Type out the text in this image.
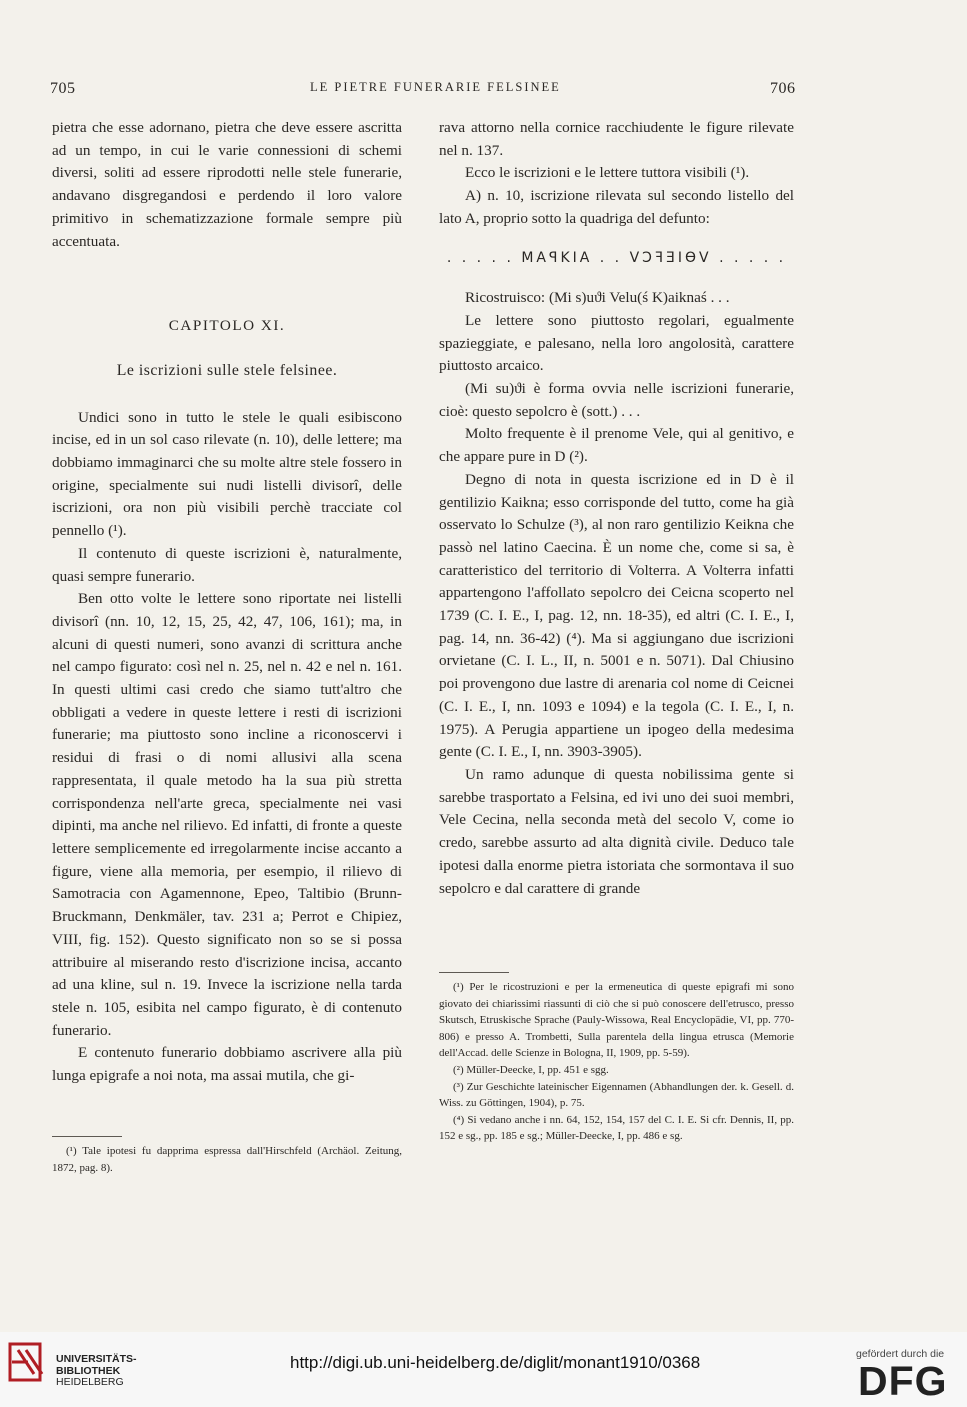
705	LE PIETRE FUNERARIE FELSINEE	706

pietra che esse adornano, pietra che deve essere ascritta ad un tempo, in cui le varie connessioni di schemi diversi, soliti ad essere riprodotti nelle stele funerarie, andavano disgregandosi e perdendo il loro valore primitivo in schematizzazione formale sempre più accentuata.

CAPITOLO XI.

Le iscrizioni sulle stele felsinee.

Undici sono in tutto le stele le quali esibiscono incise, ed in un sol caso rilevate (n. 10), delle lettere; ma dobbiamo immaginarci che su molte altre stele fossero in origine, specialmente sui nudi listelli divisorî, delle iscrizioni, ora non più visibili perchè tracciate col pennello (¹).

Il contenuto di queste iscrizioni è, naturalmente, quasi sempre funerario.

Ben otto volte le lettere sono riportate nei listelli divisorî (nn. 10, 12, 15, 25, 42, 47, 106, 161); ma, in alcuni di questi numeri, sono avanzi di scrittura anche nel campo figurato: così nel n. 25, nel n. 42 e nel n. 161. In questi ultimi casi credo che siamo tutt'altro che obbligati a vedere in queste lettere i resti di iscrizioni funerarie; ma piuttosto sono incline a riconoscervi i residui di frasi o di nomi allusivi alla scena rappresentata, il quale metodo ha la sua più stretta corrispondenza nell'arte greca, specialmente nei vasi dipinti, ma anche nel rilievo. Ed infatti, di fronte a queste lettere semplicemente ed irregolarmente incise accanto a figure, viene alla memoria, per esempio, il rilievo di Samotracia con Agamennone, Epeo, Taltibio (Brunn-Bruckmann, Denkmäler, tav. 231 a; Perrot e Chipiez, VIII, fig. 152). Questo significato non so se si possa attribuire al miserando resto d'iscrizione incisa, accanto ad una kline, sul n. 19. Invece la iscrizione nella tarda stele n. 105, esibita nel campo figurato, è di contenuto funerario.

E contenuto funerario dobbiamo ascrivere alla più lunga epigrafe a noi nota, ma assai mutila, che gi-

(¹) Tale ipotesi fu dapprima espressa dall'Hirschfeld (Archäol. Zeitung, 1872, pag. 8).

rava attorno nella cornice racchiudente le figure rilevate nel n. 137.

Ecco le iscrizioni e le lettere tuttora visibili (¹).

A) n. 10, iscrizione rilevata sul secondo listello del lato A, proprio sotto la quadriga del defunto:

. . . . . MAꟼKIA . . VↃꟻƎIϴV . . . . .

Ricostruisco: (Mi s)uϑi Velu(ś K)aiknaś . . .

Le lettere sono piuttosto regolari, egualmente spazieggiate, e palesano, nella loro angolosità, carattere piuttosto arcaico.

(Mi su)ϑi è forma ovvia nelle iscrizioni funerarie, cioè: questo sepolcro è (sott.) . . .

Molto frequente è il prenome Vele, qui al genitivo, e che appare pure in D (²).

Degno di nota in questa iscrizione ed in D è il gentilizio Kaikna; esso corrisponde del tutto, come ha già osservato lo Schulze (³), al non raro gentilizio Keikna che passò nel latino Caecina. È un nome che, come si sa, è caratteristico del territorio di Volterra. A Volterra infatti appartengono l'affollato sepolcro dei Ceicna scoperto nel 1739 (C. I. E., I, pag. 12, nn. 18-35), ed altri (C. I. E., I, pag. 14, nn. 36-42) (⁴). Ma si aggiungano due iscrizioni orvietane (C. I. L., II, n. 5001 e n. 5071). Dal Chiusino poi provengono due lastre di arenaria col nome di Ceicnei (C. I. E., I, nn. 1093 e 1094) e la tegola (C. I. E., I, n. 1975). A Perugia appartiene un ipogeo della medesima gente (C. I. E., I, nn. 3903-3905).

Un ramo adunque di questa nobilissima gente si sarebbe trasportato a Felsina, ed ivi uno dei suoi membri, Vele Cecina, nella seconda metà del secolo V, come io credo, sarebbe assurto ad alta dignità civile. Deduco tale ipotesi dalla enorme pietra istoriata che sormontava il suo sepolcro e dal carattere di grande

(¹) Per le ricostruzioni e per la ermeneutica di queste epigrafi mi sono giovato dei chiarissimi riassunti di ciò che si può conoscere dell'etrusco, presso Skutsch, Etruskische Sprache (Pauly-Wissowa, Real Encyclopädie, VI, pp. 770-806) e presso A. Trombetti, Sulla parentela della lingua etrusca (Memorie dell'Accad. delle Scienze in Bologna, II, 1909, pp. 5-59).

(²) Müller-Deecke, I, pp. 451 e sgg.

(³) Zur Geschichte lateinischer Eigennamen (Abhandlungen der. k. Gesell. d. Wiss. zu Göttingen, 1904), p. 75.

(⁴) Si vedano anche i nn. 64, 152, 154, 157 del C. I. E. Si cfr. Dennis, II, pp. 152 e sg., pp. 185 e sg.; Müller-Deecke, I, pp. 486 e sg.

UNIVERSITÄTS-
BIBLIOTHEK
HEIDELBERG
http://digi.ub.uni-heidelberg.de/diglit/monant1910/0368	gefördert durch die
DFG
